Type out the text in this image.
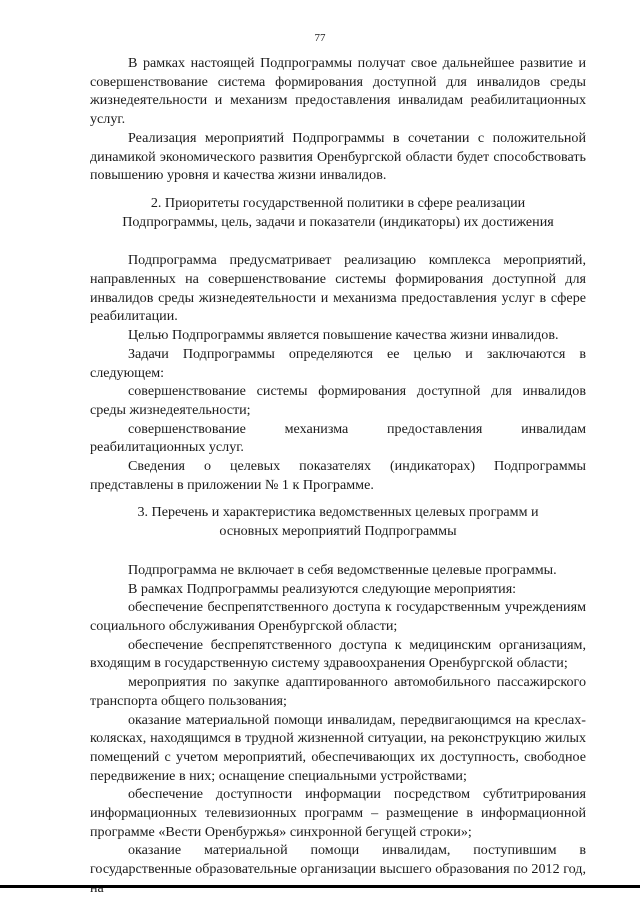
77

В рамках настоящей Подпрограммы получат свое дальнейшее развитие и совершенствование система формирования доступной для инвалидов среды жизнедеятельности и механизм предоставления инвалидам реабилитационных услуг.

Реализация мероприятий Подпрограммы в сочетании с положительной динамикой экономического развития Оренбургской области будет способствовать повышению уровня и качества жизни инвалидов.

2. Приоритеты государственной политики в сфере реализации
Подпрограммы, цель, задачи и показатели (индикаторы) их достижения

Подпрограмма предусматривает реализацию комплекса мероприятий, направленных на совершенствование системы формирования доступной для инвалидов среды жизнедеятельности и механизма предоставления услуг в сфере реабилитации.

Целью Подпрограммы является повышение качества жизни инвалидов.

Задачи Подпрограммы определяются ее целью и заключаются в следующем:

совершенствование системы формирования доступной для инвалидов среды жизнедеятельности;

совершенствование механизма предоставления инвалидам реабилитационных услуг.

Сведения о целевых показателях (индикаторах) Подпрограммы представлены в приложении № 1 к Программе.

3. Перечень и характеристика ведомственных целевых программ и
основных мероприятий Подпрограммы

Подпрограмма не включает в себя ведомственные целевые программы.

В рамках Подпрограммы реализуются следующие мероприятия:

обеспечение беспрепятственного доступа к государственным учреждениям социального обслуживания Оренбургской области;

обеспечение беспрепятственного доступа к медицинским организациям, входящим в государственную систему здравоохранения Оренбургской области;

мероприятия по закупке адаптированного автомобильного пассажирского транспорта общего пользования;

оказание материальной помощи инвалидам, передвигающимся на креслах-колясках, находящимся в трудной жизненной ситуации, на реконструкцию жилых помещений с учетом мероприятий, обеспечивающих их доступность, свободное передвижение в них; оснащение специальными устройствами;

обеспечение доступности информации посредством субтитрирования информационных телевизионных программ – размещение в информационной программе «Вести Оренбуржья» синхронной бегущей строки»;

оказание материальной помощи инвалидам, поступившим в государственные образовательные организации высшего образования по 2012 год,
